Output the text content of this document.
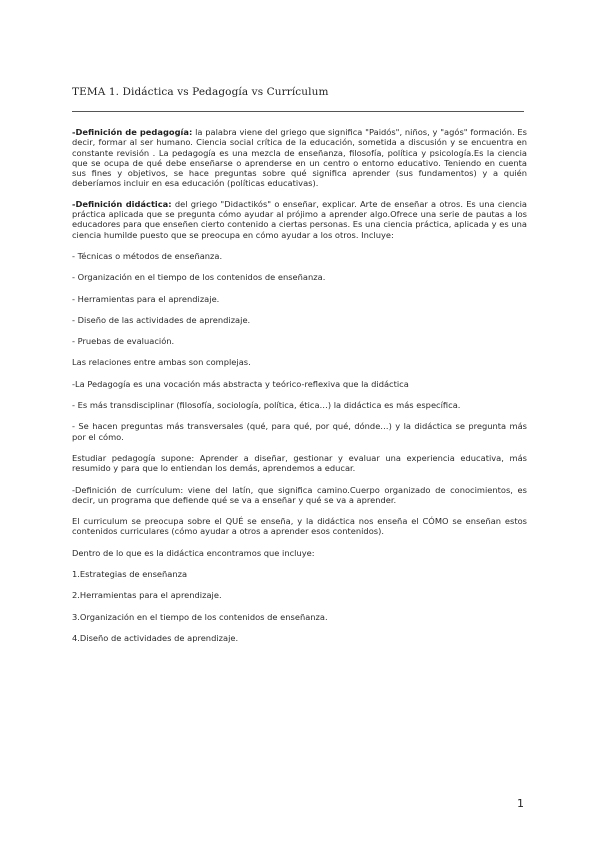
TEMA 1. Didáctica vs Pedagogía vs Currículum

-Definición de pedagogía: la palabra viene del griego que significa "Paidós", niños, y "agós" formación. Es decir, formar al ser humano. Ciencia social crítica de la educación, sometida a discusión y se encuentra en constante revisión . La pedagogía es una mezcla de enseñanza, filosofía, política y psicología.Es la ciencia que se ocupa de qué debe enseñarse o aprenderse en un centro o entorno educativo. Teniendo en cuenta sus fines y objetivos, se hace preguntas sobre qué significa aprender (sus fundamentos) y a quién deberíamos incluir en esa educación (políticas educativas).

-Definición didáctica: del griego "Didactikós" o enseñar, explicar. Arte de enseñar a otros. Es una ciencia práctica aplicada que se pregunta cómo ayudar al prójimo a aprender algo.Ofrece una serie de pautas a los educadores para que enseñen cierto contenido a ciertas personas. Es una ciencia práctica, aplicada y es una ciencia humilde puesto que se preocupa en cómo ayudar a los otros. Incluye:

- Técnicas o métodos de enseñanza.

- Organización en el tiempo de los contenidos de enseñanza.

- Herramientas para el aprendizaje.

- Diseño de las actividades de aprendizaje.

- Pruebas de evaluación.

Las relaciones entre ambas son complejas.

-La Pedagogía es una vocación más abstracta y teórico-reflexiva que la didáctica

- Es más transdisciplinar (filosofía, sociología, política, ética…) la didáctica es más específica.

- Se hacen preguntas más transversales (qué, para qué, por qué, dónde…) y la didáctica se pregunta más por el cómo.

Estudiar pedagogía supone: Aprender a diseñar, gestionar y evaluar una experiencia educativa, más resumido y para que lo entiendan los demás, aprendemos a educar.

-Definición de currículum: viene del latín, que significa camino.Cuerpo organizado de conocimientos, es decir, un programa que defiende qué se va a enseñar y qué se va a aprender.

El curriculum se preocupa sobre el QUÉ se enseña, y la didáctica nos enseña el CÓMO se enseñan estos contenidos curriculares (cómo ayudar a otros a aprender esos contenidos).

Dentro de lo que es la didáctica encontramos que incluye:

1.Estrategias de enseñanza

2.Herramientas para el aprendizaje.

3.Organización en el tiempo de los contenidos de enseñanza.

4.Diseño de actividades de aprendizaje.

1
